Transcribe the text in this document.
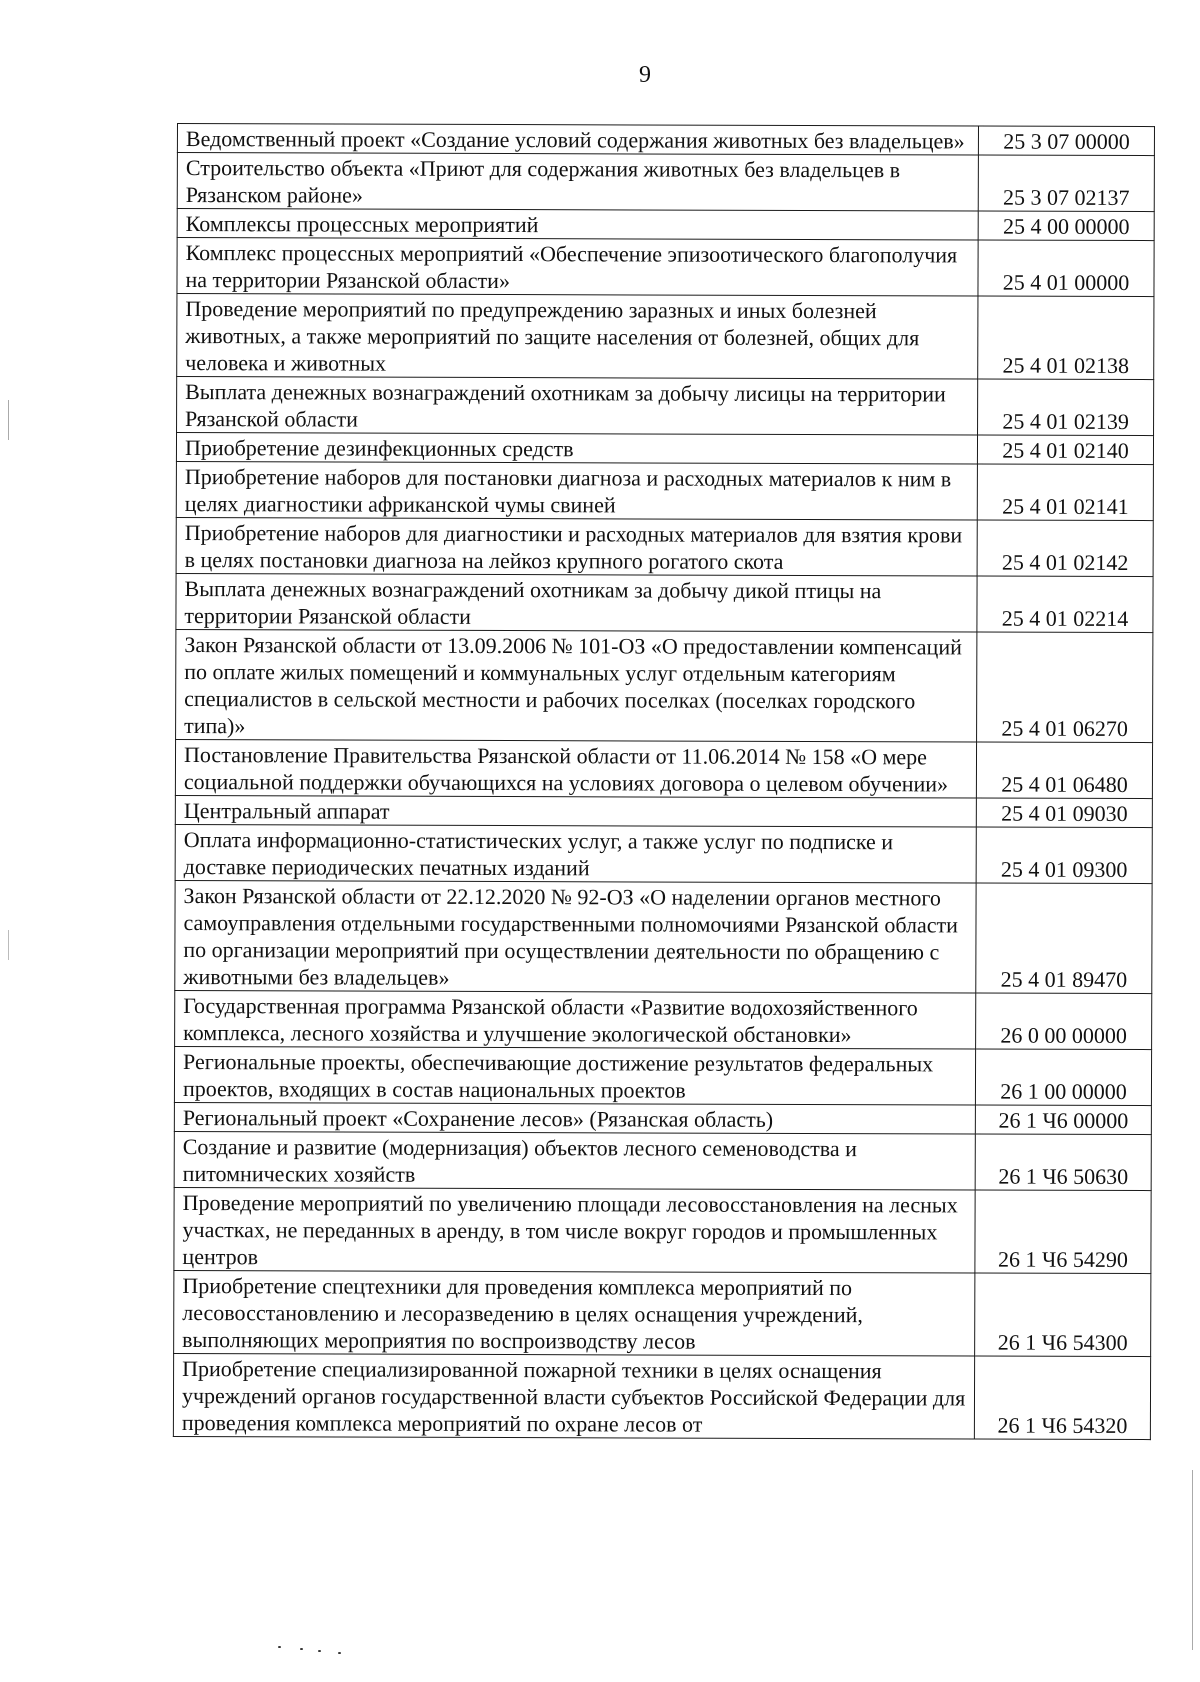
9
Ведомственный проект «Создание условий содержания животных без владельцев»	25 3 07 00000
Строительство объекта «Приют для содержания животных без владельцев в Рязанском районе»	25 3 07 02137
Комплексы процессных мероприятий	25 4 00 00000
Комплекс процессных мероприятий «Обеспечение эпизоотического благополучия на территории Рязанской области»	25 4 01 00000
Проведение мероприятий по предупреждению заразных и иных болезней животных, а также мероприятий по защите населения от болезней, общих для человека и животных	25 4 01 02138
Выплата денежных вознаграждений охотникам за добычу лисицы на территории Рязанской области	25 4 01 02139
Приобретение дезинфекционных средств	25 4 01 02140
Приобретение наборов для постановки диагноза и расходных материалов к ним в целях диагностики африканской чумы свиней	25 4 01 02141
Приобретение наборов для диагностики и расходных материалов для взятия крови в целях постановки диагноза на лейкоз крупного рогатого скота	25 4 01 02142
Выплата денежных вознаграждений охотникам за добычу дикой птицы на территории Рязанской области	25 4 01 02214
Закон Рязанской области от 13.09.2006 № 101-ОЗ «О предоставлении компенсаций по оплате жилых помещений и коммунальных услуг отдельным категориям специалистов в сельской местности и рабочих поселках (поселках городского типа)»	25 4 01 06270
Постановление Правительства Рязанской области от 11.06.2014 № 158 «О мере социальной поддержки обучающихся на условиях договора о целевом обучении»	25 4 01 06480
Центральный аппарат	25 4 01 09030
Оплата информационно-статистических услуг, а также услуг по подписке и доставке периодических печатных изданий	25 4 01 09300
Закон Рязанской области от 22.12.2020 № 92-ОЗ «О наделении органов местного самоуправления отдельными государственными полномочиями Рязанской области по организации мероприятий при осуществлении деятельности по обращению с животными без владельцев»	25 4 01 89470
Государственная программа Рязанской области «Развитие водохозяйственного комплекса, лесного хозяйства и улучшение экологической обстановки»	26 0 00 00000
Региональные проекты, обеспечивающие достижение результатов федеральных проектов, входящих в состав национальных проектов	26 1 00 00000
Региональный проект «Сохранение лесов» (Рязанская область)	26 1 Ч6 00000
Создание и развитие (модернизация) объектов лесного семеноводства и питомнических хозяйств	26 1 Ч6 50630
Проведение мероприятий по увеличению площади лесовосстановления на лесных участках, не переданных в аренду, в том числе вокруг городов и промышленных центров	26 1 Ч6 54290
Приобретение спецтехники для проведения комплекса мероприятий по лесовосстановлению и лесоразведению в целях оснащения учреждений, выполняющих мероприятия по воспроизводству лесов	26 1 Ч6 54300
Приобретение специализированной пожарной техники в целях оснащения учреждений органов государственной власти субъектов Российской Федерации для проведения комплекса мероприятий по охране лесов от	26 1 Ч6 54320
